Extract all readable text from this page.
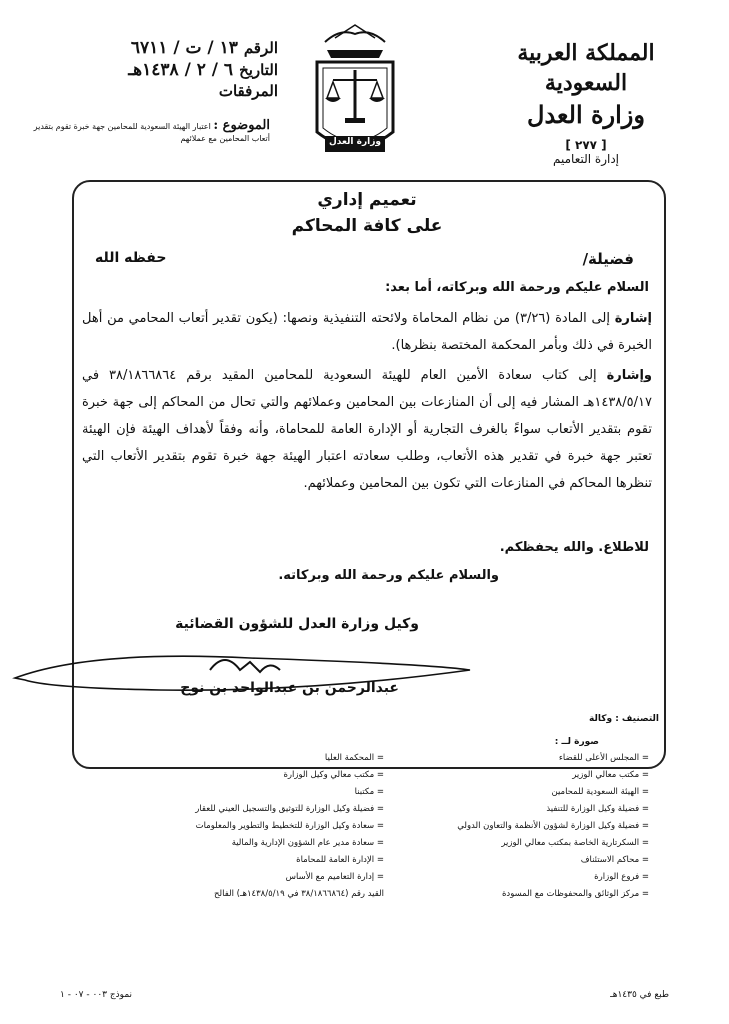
المملكة العربية السعودية
وزارة العدل
[ ٢٧٧ ]
إدارة التعاميم
وزارة العدل
الرقم
١٣ / ت / ٦٧١١
التاريخ
٦ / ٢ / ١٤٣٨هـ
المرفقات
الموضوع : اعتبار الهيئة السعودية للمحامين جهة خبرة تقوم بتقدير أتعاب المحامين مع عملائهم
تعميم إداري
على كافة المحاكم
فضيلة/
حفظه الله
السلام عليكم ورحمة الله وبركاته، أما بعد:
إشارة إلى المادة (٣/٢٦) من نظام المحاماة ولائحته التنفيذية ونصها: (يكون تقدير أتعاب المحامي من أهل الخبرة في ذلك وبأمر المحكمة المختصة بنظرها).
وإشارة إلى كتاب سعادة الأمين العام للهيئة السعودية للمحامين المقيد برقم ٣٨/١٨٦٦٨٦٤ في ١٤٣٨/٥/١٧هـ المشار فيه إلى أن المنازعات بين المحامين وعملائهم والتي تحال من المحاكم إلى جهة خبرة تقوم بتقدير الأتعاب سواءً بالغرف التجارية أو الإدارة العامة للمحاماة، وأنه وفقاً لأهداف الهيئة فإن الهيئة تعتبر جهة خبرة في تقدير هذه الأتعاب، وطلب سعادته اعتبار الهيئة جهة خبرة تقوم بتقدير الأتعاب التي تنظرها المحاكم في المنازعات التي تكون بين المحامين وعملائهم.
للاطلاع. والله يحفظكم.
والسلام عليكم ورحمة الله وبركاته.
وكيل وزارة العدل للشؤون القضائية
عبدالرحمن بن عبدالواحد بن نوح
التصنيف : وكالة
صورة لــ :
= المجلس الأعلى للقضاء
= مكتب معالي الوزير
= الهيئة السعودية للمحامين
= فضيلة وكيل الوزارة للتنفيذ
= فضيلة وكيل الوزارة لشؤون الأنظمة والتعاون الدولي
= السكرتارية الخاصة بمكتب معالي الوزير
= محاكم الاستئناف
= فروع الوزارة
= مركز الوثائق والمحفوظات مع المسودة
= المحكمة العليا
= مكتب معالي وكيل الوزارة
= مكتبنا
= فضيلة وكيل الوزارة للتوثيق والتسجيل العيني للعقار
= سعادة وكيل الوزارة للتخطيط والتطوير والمعلومات
= سعادة مدير عام الشؤون الإدارية والمالية
= الإدارة العامة للمحاماة
= إدارة التعاميم مع الأساس
القيد رقم (٣٨/١٨٦٦٨٦٤ في ١٤٣٨/٥/١٩هـ) الفالح
طبع في ١٤٣٥هـ
نموذج ٠٠٣ - ٠٧ - ١
